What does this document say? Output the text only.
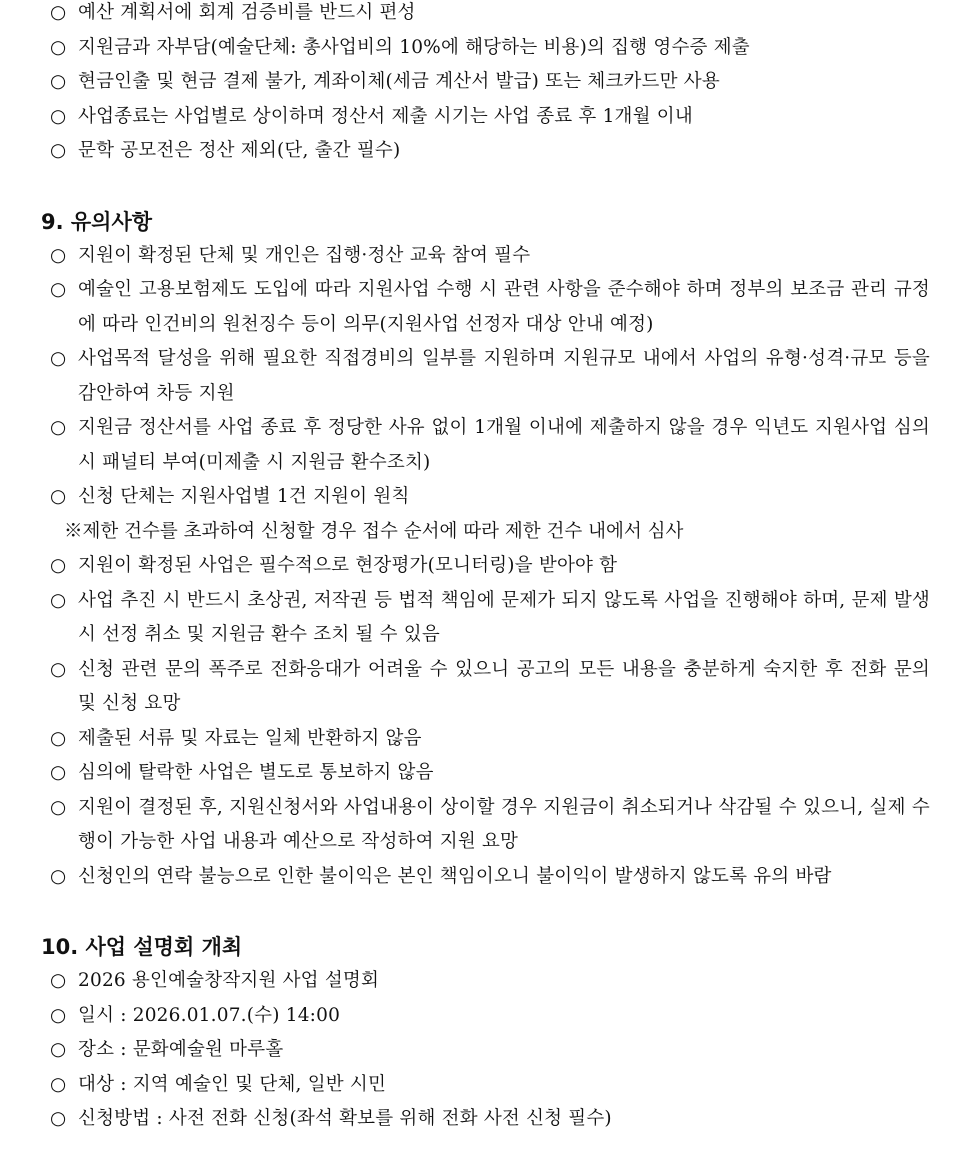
○ 예산 계획서에 회계 검증비를 반드시 편성
○ 지원금과 자부담(예술단체: 총사업비의 10%에 해당하는 비용)의 집행 영수증 제출
○ 현금인출 및 현금 결제 불가, 계좌이체(세금 계산서 발급) 또는 체크카드만 사용
○ 사업종료는 사업별로 상이하며 정산서 제출 시기는 사업 종료 후 1개월 이내
○ 문학 공모전은 정산 제외(단, 출간 필수)
9. 유의사항
○ 지원이 확정된 단체 및 개인은 집행·정산 교육 참여 필수
○ 예술인 고용보험제도 도입에 따라 지원사업 수행 시 관련 사항을 준수해야 하며 정부의 보조금 관리 규정에 따라 인건비의 원천징수 등이 의무(지원사업 선정자 대상 안내 예정)
○ 사업목적 달성을 위해 필요한 직접경비의 일부를 지원하며 지원규모 내에서 사업의 유형·성격·규모 등을 감안하여 차등 지원
○ 지원금 정산서를 사업 종료 후 정당한 사유 없이 1개월 이내에 제출하지 않을 경우 익년도 지원사업 심의 시 패널티 부여(미제출 시 지원금 환수조치)
○ 신청 단체는 지원사업별 1건 지원이 원칙
※제한 건수를 초과하여 신청할 경우 접수 순서에 따라 제한 건수 내에서 심사
○ 지원이 확정된 사업은 필수적으로 현장평가(모니터링)을 받아야 함
○ 사업 추진 시 반드시 초상권, 저작권 등 법적 책임에 문제가 되지 않도록 사업을 진행해야 하며, 문제 발생 시 선정 취소 및 지원금 환수 조치 될 수 있음
○ 신청 관련 문의 폭주로 전화응대가 어려울 수 있으니 공고의 모든 내용을 충분하게 숙지한 후 전화 문의 및 신청 요망
○ 제출된 서류 및 자료는 일체 반환하지 않음
○ 심의에 탈락한 사업은 별도로 통보하지 않음
○ 지원이 결정된 후, 지원신청서와 사업내용이 상이할 경우 지원금이 취소되거나 삭감될 수 있으니, 실제 수행이 가능한 사업 내용과 예산으로 작성하여 지원 요망
○ 신청인의 연락 불능으로 인한 불이익은 본인 책임이오니 불이익이 발생하지 않도록 유의 바람
10. 사업 설명회 개최
○ 2026 용인예술창작지원 사업 설명회
○ 일시 : 2026.01.07.(수) 14:00
○ 장소 : 문화예술원 마루홀
○ 대상 : 지역 예술인 및 단체, 일반 시민
○ 신청방법 : 사전 전화 신청(좌석 확보를 위해 전화 사전 신청 필수)
